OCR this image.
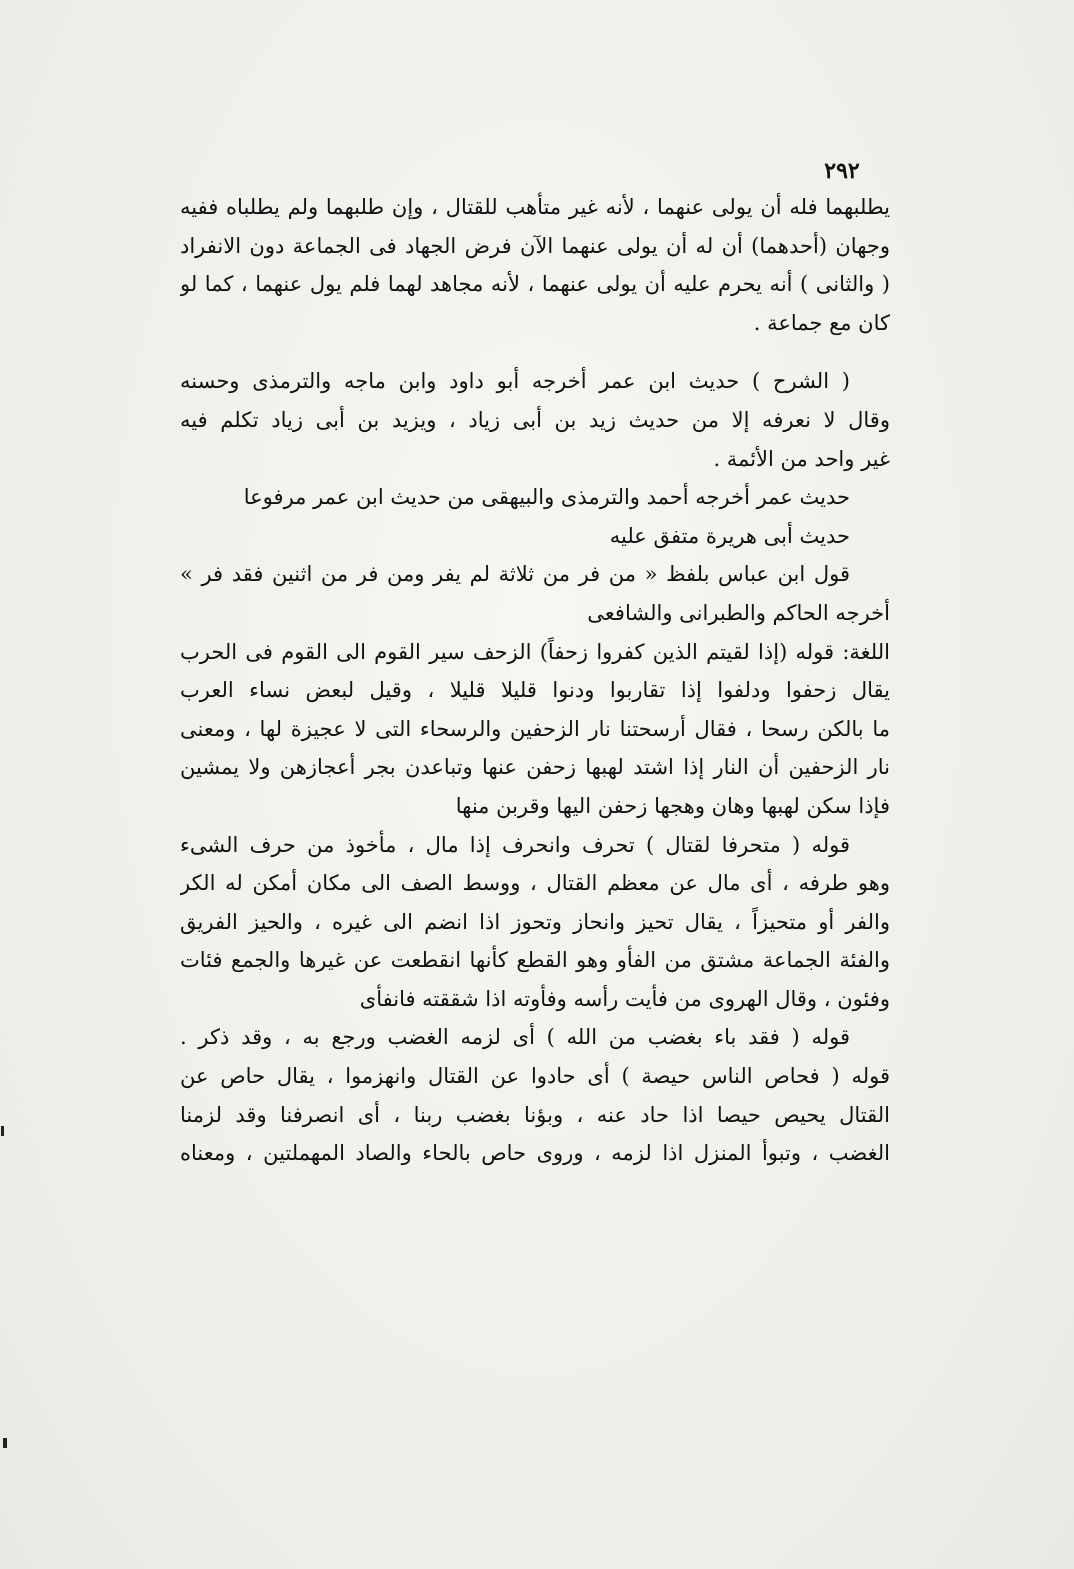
٢٩٢
يطلبهما فله أن يولى عنهما ، لأنه غير متأهب للقتال ، وإن طلبهما ولم يطلباه ففيه
وجهان (أحدهما) أن له أن يولى عنهما الآن فرض الجهاد فى الجماعة دون الانفراد
( والثانى ) أنه يحرم عليه أن يولى عنهما ، لأنه مجاهد لهما فلم يول عنهما ، كما لو
كان مع جماعة .
( الشرح ) حديث ابن عمر أخرجه أبو داود وابن ماجه والترمذى وحسنه
وقال لا نعرفه إلا من حديث زيد بن أبى زياد ، ويزيد بن أبى زياد تكلم فيه
غير واحد من الأئمة .
حديث عمر أخرجه أحمد والترمذى والبيهقى من حديث ابن عمر مرفوعا
حديث أبى هريرة متفق عليه
قول ابن عباس بلفظ « من فر من ثلاثة لم يفر ومن فر من اثنين فقد فر »
أخرجه الحاكم والطبرانى والشافعى
اللغة: قوله (إذا لقيتم الذين كفروا زحفاً) الزحف سير القوم الى القوم فى الحرب
يقال زحفوا ودلفوا إذا تقاربوا ودنوا قليلا قليلا ، وقيل لبعض نساء العرب
ما بالكن رسحا ، فقال أرسحتنا نار الزحفين والرسحاء التى لا عجيزة لها ، ومعنى
نار الزحفين أن النار إذا اشتد لهبها زحفن عنها وتباعدن بجر أعجازهن ولا يمشين
فإذا سكن لهبها وهان وهجها زحفن اليها وقربن منها
قوله ( متحرفا لقتال ) تحرف وانحرف إذا مال ، مأخوذ من حرف الشىء
وهو طرفه ، أى مال عن معظم القتال ، ووسط الصف الى مكان أمكن له الكر
والفر أو متحيزاً ، يقال تحيز وانحاز وتحوز اذا انضم الى غيره ، والحيز الفريق
والفئة الجماعة مشتق من الفأو وهو القطع كأنها انقطعت عن غيرها والجمع فئات
وفئون ، وقال الهروى من فأيت رأسه وفأوته اذا شققته فانفأى
قوله ( فقد باء بغضب من الله ) أى لزمه الغضب ورجع به ، وقد ذكر .
قوله ( فحاص الناس حيصة ) أى حادوا عن القتال وانهزموا ، يقال حاص عن
القتال يحيص حيصا اذا حاد عنه ، وبؤنا بغضب ربنا ، أى انصرفنا وقد لزمنا
الغضب ، وتبوأ المنزل اذا لزمه ، وروى حاص بالحاء والصاد المهملتين ، ومعناه
